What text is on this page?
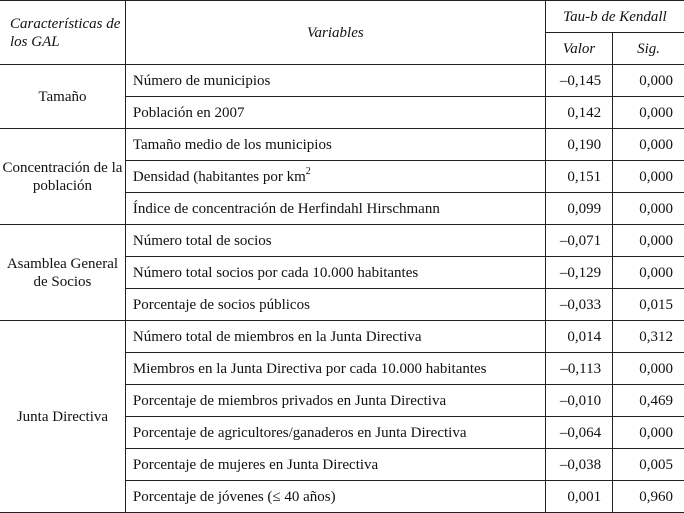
Características de los GAL	Variables	Tau-b de Kendall	
		Valor	Sig.
Tamaño	Número de municipios	–0,145	0,000
	Población en 2007	0,142	0,000
Concentración de la población	Tamaño medio de los municipios	0,190	0,000
	Densidad (habitantes por $km^2$	0,151	0,000
	Índice de concentración de Herfindahl Hirschmann	0,099	0,000
Asamblea General de Socios	Número total de socios	–0,071	0,000
	Número total socios por cada 10.000 habitantes	–0,129	0,000
	Porcentaje de socios públicos	–0,033	0,015
Junta Directiva	Número total de miembros en la Junta Directiva	0,014	0,312
	Miembros en la Junta Directiva por cada 10.000 habitantes	–0,113	0,000
	Porcentaje de miembros privados en Junta Directiva	–0,010	0,469
	Porcentaje de agricultores/ganaderos en Junta Directiva	–0,064	0,000
	Porcentaje de mujeres en Junta Directiva	–0,038	0,005
	Porcentaje de jóvenes (≤ 40 años)	0,001	0,960
